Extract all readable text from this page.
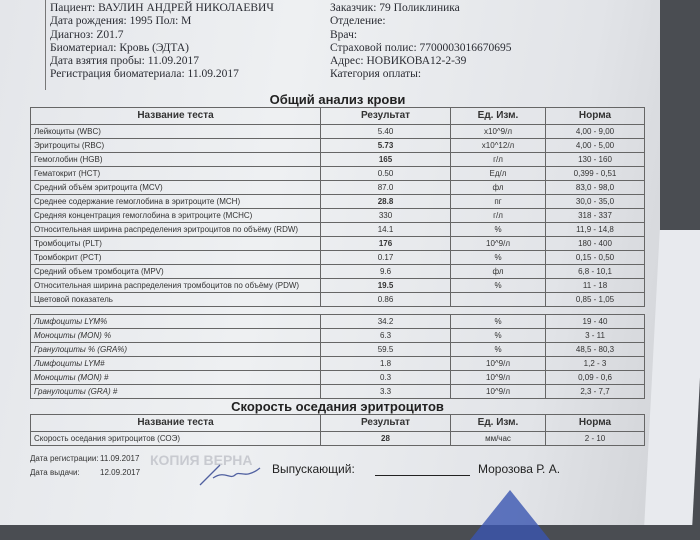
Пациент: ВАУЛИН АНДРЕЙ НИКОЛАЕВИЧ
Дата рождения: 1995 Пол: М
Диагноз: Z01.7
Биоматериал: Кровь (ЭДТА)
Дата взятия пробы: 11.09.2017
Регистрация биоматериала: 11.09.2017
Заказчик: 79 Поликлиника
Отделение:
Врач:
Страховой полис: 7700003016670695
Адрес: НОВИКОВА12-2-39
Категория оплаты:
Общий анализ крови
Название теста	Результат	Ед. Изм.	Норма
Лейкоциты (WBC)	5.40	x10^9/л	4,00 - 9,00
Эритроциты (RBC)	5.73	x10^12/л	4,00 - 5,00
Гемоглобин (HGB)	165	г/л	130 - 160
Гематокрит (HCT)	0.50	Ед/л	0,399 - 0,51
Средний объём эритроцита (MCV)	87.0	фл	83,0 - 98,0
Среднее содержание гемоглобина в эритроците (MCH)	28.8	пг	30,0 - 35,0
Средняя концентрация гемоглобина в эритроците (MCHC)	330	г/л	318 - 337
Относительная ширина распределения эритроцитов по объёму (RDW)	14.1	%	11,9 - 14,8
Тромбоциты (PLT)	176	10^9/л	180 - 400
Тромбокрит (PCT)	0.17	%	0,15 - 0,50
Средний объем тромбоцита (MPV)	9.6	фл	6,8 - 10,1
Относительная ширина распределения тромбоцитов по объёму (PDW)	19.5	%	11 - 18
Цветовой показатель	0.86		0,85 - 1,05
Лимфоциты LYM%	34.2	%	19 - 40
Моноциты (MON) %	6.3	%	3 - 11
Гранулоциты % (GRA%)	59.5	%	48,5 - 80,3
Лимфоциты LYM#	1.8	10^9/л	1,2 - 3
Моноциты (MON) #	0.3	10^9/л	0,09 - 0,6
Гранулоциты (GRA) #	3.3	10^9/л	2,3 - 7,7
Скорость оседания эритроцитов
Название теста	Результат	Ед. Изм.	Норма
Скорость оседания эритроцитов (СОЭ)	28	мм/час	2 - 10
Дата регистрации: 11.09.2017
Дата выдачи:	12.09.2017
КОПИЯ ВЕРНА
Выпускающий:	Морозова Р. А.
